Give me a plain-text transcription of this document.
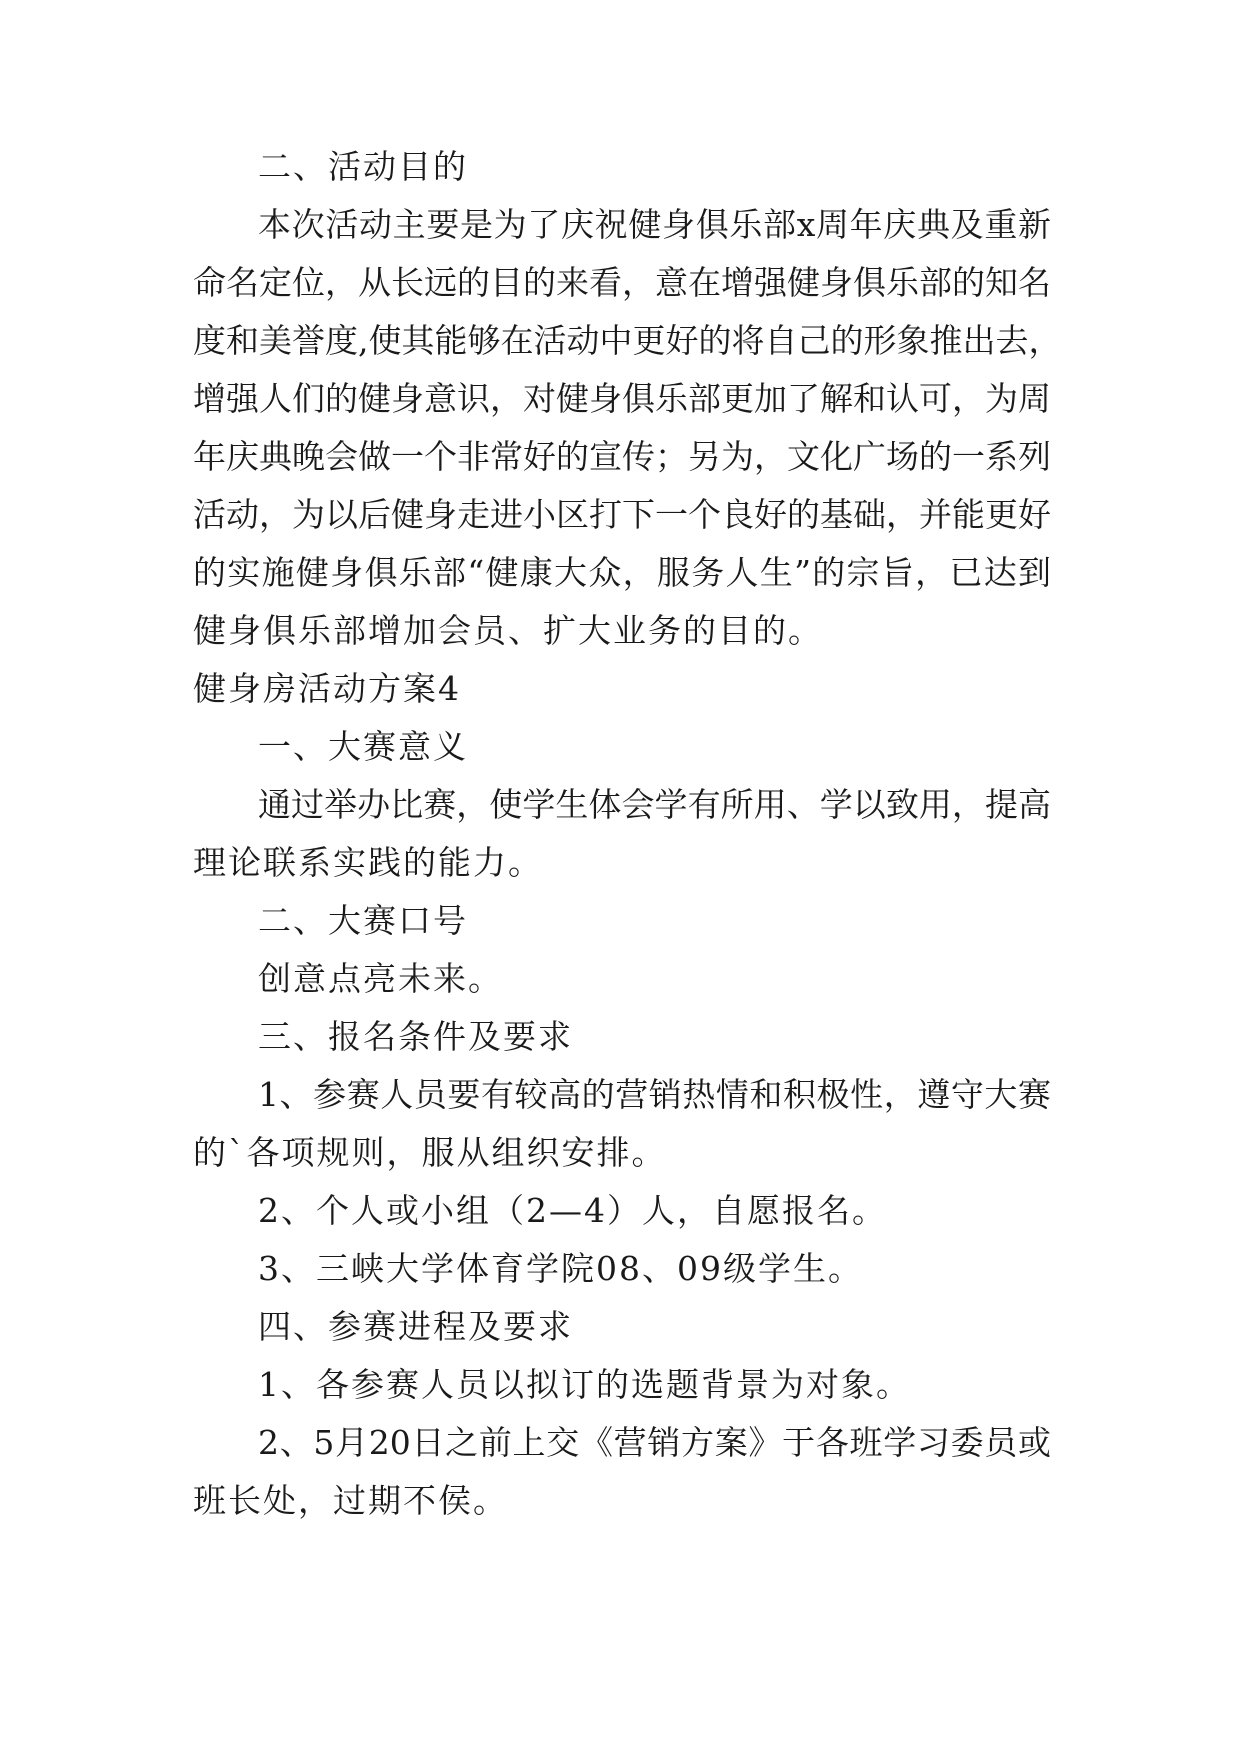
二、活动目的
本次活动主要是为了庆祝健身俱乐部x周年庆典及重新
命名定位，从长远的目的来看，意在增强健身俱乐部的知名
度和美誉度,使其能够在活动中更好的将自己的形象推出去，
增强人们的健身意识，对健身俱乐部更加了解和认可，为周
年庆典晚会做一个非常好的宣传；另为，文化广场的一系列
活动，为以后健身走进小区打下一个良好的基础，并能更好
的实施健身俱乐部“健康大众，服务人生”的宗旨，已达到
健身俱乐部增加会员、扩大业务的目的。
健身房活动方案4
一、大赛意义
通过举办比赛，使学生体会学有所用、学以致用，提高
理论联系实践的能力。
二、大赛口号
创意点亮未来。
三、报名条件及要求
1、参赛人员要有较高的营销热情和积极性，遵守大赛
的`各项规则，服从组织安排。
2、个人或小组（2—4）人，自愿报名。
3、三峡大学体育学院08、09级学生。
四、参赛进程及要求
1、各参赛人员以拟订的选题背景为对象。
2、5月20日之前上交《营销方案》于各班学习委员或
班长处，过期不侯。
